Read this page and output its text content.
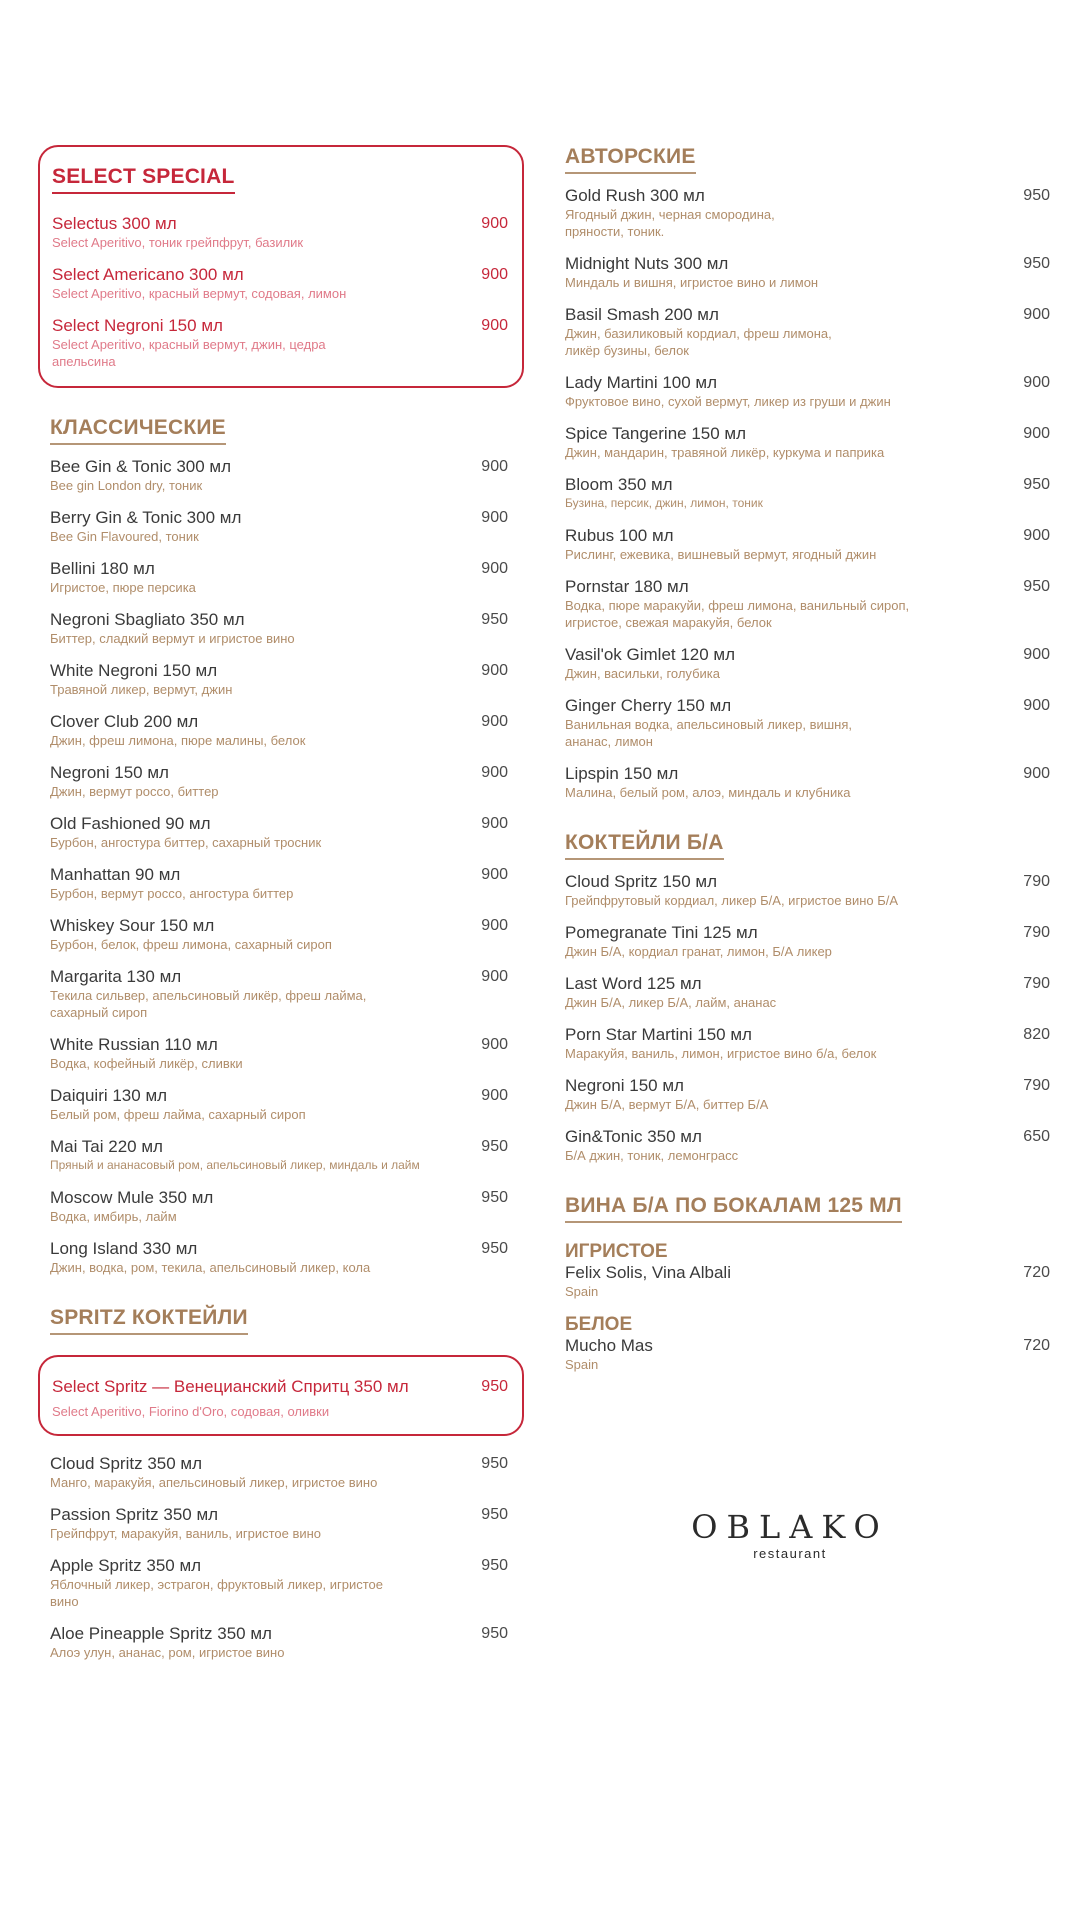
SELECT SPECIAL
Selectus 300 мл
Select Aperitivo, тоник грейпфрут, базилик
900
Select Americano 300 мл
Select Aperitivo, красный вермут, содовая, лимон
900
Select Negroni 150 мл
Select Aperitivo, красный вермут, джин, цедра апельсина
900
КЛАССИЧЕСКИЕ
Bee Gin & Tonic 300 мл
Bee gin London dry, тоник
900
Berry Gin & Tonic 300 мл
Bee Gin Flavoured, тоник
900
Bellini 180 мл
Игристое, пюре персика
900
Negroni Sbagliato 350 мл
Биттер, сладкий вермут и игристое вино
950
White Negroni 150 мл
Травяной ликер, вермут, джин
900
Clover Club 200 мл
Джин, фреш лимона, пюре малины, белок
900
Negroni 150 мл
Джин, вермут россо, биттер
900
Old Fashioned 90 мл
Бурбон, ангостура биттер, сахарный тросник
900
Manhattan 90 мл
Бурбон, вермут россо, ангостура биттер
900
Whiskey Sour 150 мл
Бурбон, белок, фреш лимона, сахарный сироп
900
Margarita 130 мл
Текила сильвер, апельсиновый ликёр, фреш лайма, сахарный сироп
900
White Russian 110 мл
Водка, кофейный ликёр, сливки
900
Daiquiri 130 мл
Белый ром, фреш лайма, сахарный сироп
900
Mai Tai 220 мл
Пряный и ананасовый ром, апельсиновый ликер, миндаль и лайм
950
Moscow Mule 350 мл
Водка, имбирь, лайм
950
Long Island 330 мл
Джин, водка, ром, текила, апельсиновый ликер, кола
950
SPRITZ КОКТЕЙЛИ
Select Spritz — Венецианский Спритц 350 мл
Select Aperitivo, Fiorino d'Oro, содовая, оливки
950
Cloud Spritz 350 мл
Манго, маракуйя, апельсиновый ликер, игристое вино
950
Passion Spritz 350 мл
Грейпфрут, маракуйя, ваниль, игристое вино
950
Apple Spritz 350 мл
Яблочный ликер, эстрагон, фруктовый ликер, игристое вино
950
Aloe Pineapple Spritz 350 мл
Алоэ улун, ананас, ром, игристое вино
950
АВТОРСКИЕ
Gold Rush 300 мл
Ягодный джин, черная смородина, пряности, тоник.
950
Midnight Nuts 300 мл
Миндаль и вишня, игристое вино и лимон
950
Basil Smash 200 мл
Джин, базиликовый кордиал, фреш лимона, ликёр бузины, белок
900
Lady Martini 100 мл
Фруктовое вино, сухой вермут, ликер из груши и джин
900
Spice Tangerine 150 мл
Джин, мандарин, травяной ликёр, куркума и паприка
900
Bloom 350 мл
Бузина, персик, джин, лимон, тоник
950
Rubus 100 мл
Рислинг, ежевика, вишневый вермут, ягодный джин
900
Pornstar 180 мл
Водка, пюре маракуйи, фреш лимона, ванильный сироп, игристое, свежая маракуйя, белок
950
Vasil'ok Gimlet 120 мл
Джин, васильки, голубика
900
Ginger Cherry 150 мл
Ванильная водка, апельсиновый ликер, вишня, ананас, лимон
900
Lipspin 150 мл
Малина, белый ром, алоэ, миндаль и клубника
900
КОКТЕЙЛИ Б/А
Cloud Spritz 150 мл
Грейпфрутовый кордиал, ликер Б/А, игристое вино Б/А
790
Pomegranate Tini 125 мл
Джин Б/А, кордиал гранат, лимон, Б/А ликер
790
Last Word 125 мл
Джин Б/А, ликер Б/А, лайм, ананас
790
Porn Star Martini 150 мл
Маракуйя, ваниль, лимон, игристое вино б/а, белок
820
Negroni 150 мл
Джин Б/А, вермут Б/А, биттер Б/А
790
Gin&Tonic 350 мл
Б/А джин, тоник, лемонграсс
650
ВИНА Б/А ПО БОКАЛАМ 125 МЛ
ИГРИСТОЕ
Felix Solis, Vina Albali
Spain
720
БЕЛОЕ
Mucho Mas
Spain
720
OBLAKO
restaurant
